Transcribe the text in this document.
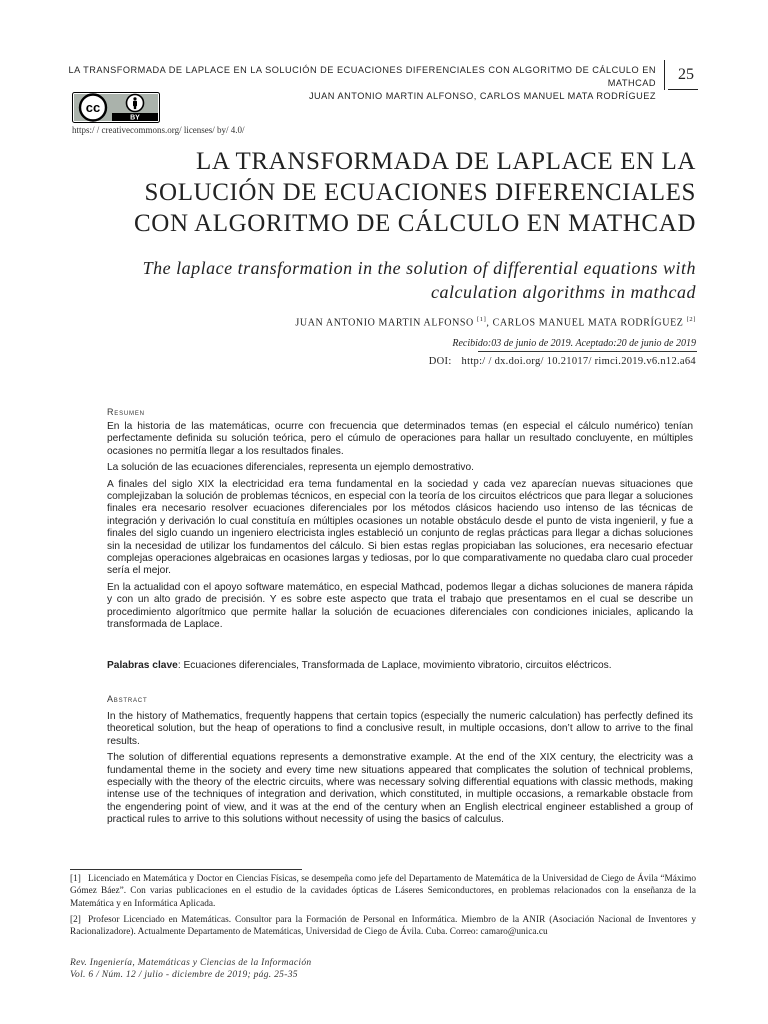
LA TRANSFORMADA DE LAPLACE EN LA SOLUCIÓN DE ECUACIONES DIFERENCIALES CON ALGORITMO DE CÁLCULO EN MATHCAD
JUAN ANTONIO MARTIN ALFONSO, CARLOS MANUEL MATA RODRÍGUEZ
25
cc
BY
https:/ / creativecommons.org/ licenses/ by/ 4.0/
LA TRANSFORMADA DE LAPLACE EN LA
SOLUCIÓN DE ECUACIONES DIFERENCIALES
CON ALGORITMO DE CÁLCULO EN MATHCAD
The laplace transformation in the solution of differential equations with
calculation algorithms in mathcad
JUAN ANTONIO MARTIN ALFONSO [1], CARLOS MANUEL MATA RODRÍGUEZ [2]
Recibido:03 de junio de 2019. Aceptado:20 de junio de 2019
DOI: http:/ / dx.doi.org/ 10.21017/ rimci.2019.v6.n12.a64
Resumen

En la historia de las matemáticas, ocurre con frecuencia que determinados temas (en especial el cálculo numérico) tenían perfectamente definida su solución teórica, pero el cúmulo de operaciones para hallar un resultado concluyente, en múltiples ocasiones no permitía llegar a los resultados finales.

La solución de las ecuaciones diferenciales, representa un ejemplo demostrativo.

A finales del siglo XIX la electricidad era tema fundamental en la sociedad y cada vez aparecían nuevas situaciones que complejizaban la solución de problemas técnicos, en especial con la teoría de los circuitos eléctricos que para llegar a soluciones finales era necesario resolver ecuaciones diferenciales por los métodos clásicos haciendo uso intenso de las técnicas de integración y derivación lo cual constituía en múltiples ocasiones un notable obstáculo desde el punto de vista ingenieril, y fue a finales del siglo cuando un ingeniero electricista ingles estableció un conjunto de reglas prácticas para llegar a dichas soluciones sin la necesidad de utilizar los fundamentos del cálculo. Si bien estas reglas propiciaban las soluciones, era necesario efectuar complejas operaciones algebraicas en ocasiones largas y tediosas, por lo que comparativamente no quedaba claro cual proceder sería el mejor.

En la actualidad con el apoyo software matemático, en especial Mathcad, podemos llegar a dichas soluciones de manera rápida y con un alto grado de precisión. Y es sobre este aspecto que trata el trabajo que presentamos en el cual se describe un procedimiento algorítmico que permite hallar la solución de ecuaciones diferenciales con condiciones iniciales, aplicando la transformada de Laplace.

Palabras clave: Ecuaciones diferenciales, Transformada de Laplace, movimiento vibratorio, circuitos eléctricos.
Abstract

In the history of Mathematics, frequently happens that certain topics (especially the numeric calculation) has perfectly defined its theoretical solution, but the heap of operations to find a conclusive result, in multiple occasions, don’t allow to arrive to the final results.

The solution of differential equations represents a demonstrative example. At the end of the XIX century, the electricity was a fundamental theme in the society and every time new situations appeared that complicates the solution of technical problems, especially with the theory of the electric circuits, where was necessary solving differential equations with classic methods, making intense use of the techniques of integration and derivation, which constituted, in multiple occasions, a remarkable obstacle from the engendering point of view, and it was at the end of the century when an English electrical engineer established a group of practical rules to arrive to this solutions without necessity of using the basics of calculus.

[1] Licenciado en Matemática y Doctor en Ciencias Físicas, se desempeña como jefe del Departamento de Matemática de la Universidad de Ciego de Ávila “Máximo Gómez Báez”. Con varias publicaciones en el estudio de la cavidades ópticas de Láseres Semiconductores, en problemas relacionados con la enseñanza de la Matemática y en Informática Aplicada.
[2] Profesor Licenciado en Matemáticas. Consultor para la Formación de Personal en Informática. Miembro de la ANIR (Asociación Nacional de Inventores y Racionalizadore). Actualmente Departamento de Matemáticas, Universidad de Ciego de Ávila. Cuba. Correo: camaro@unica.cu
Rev. Ingeniería, Matemáticas y Ciencias de la Información
Vol. 6 / Núm. 12 / julio - diciembre de 2019; pág. 25-35
